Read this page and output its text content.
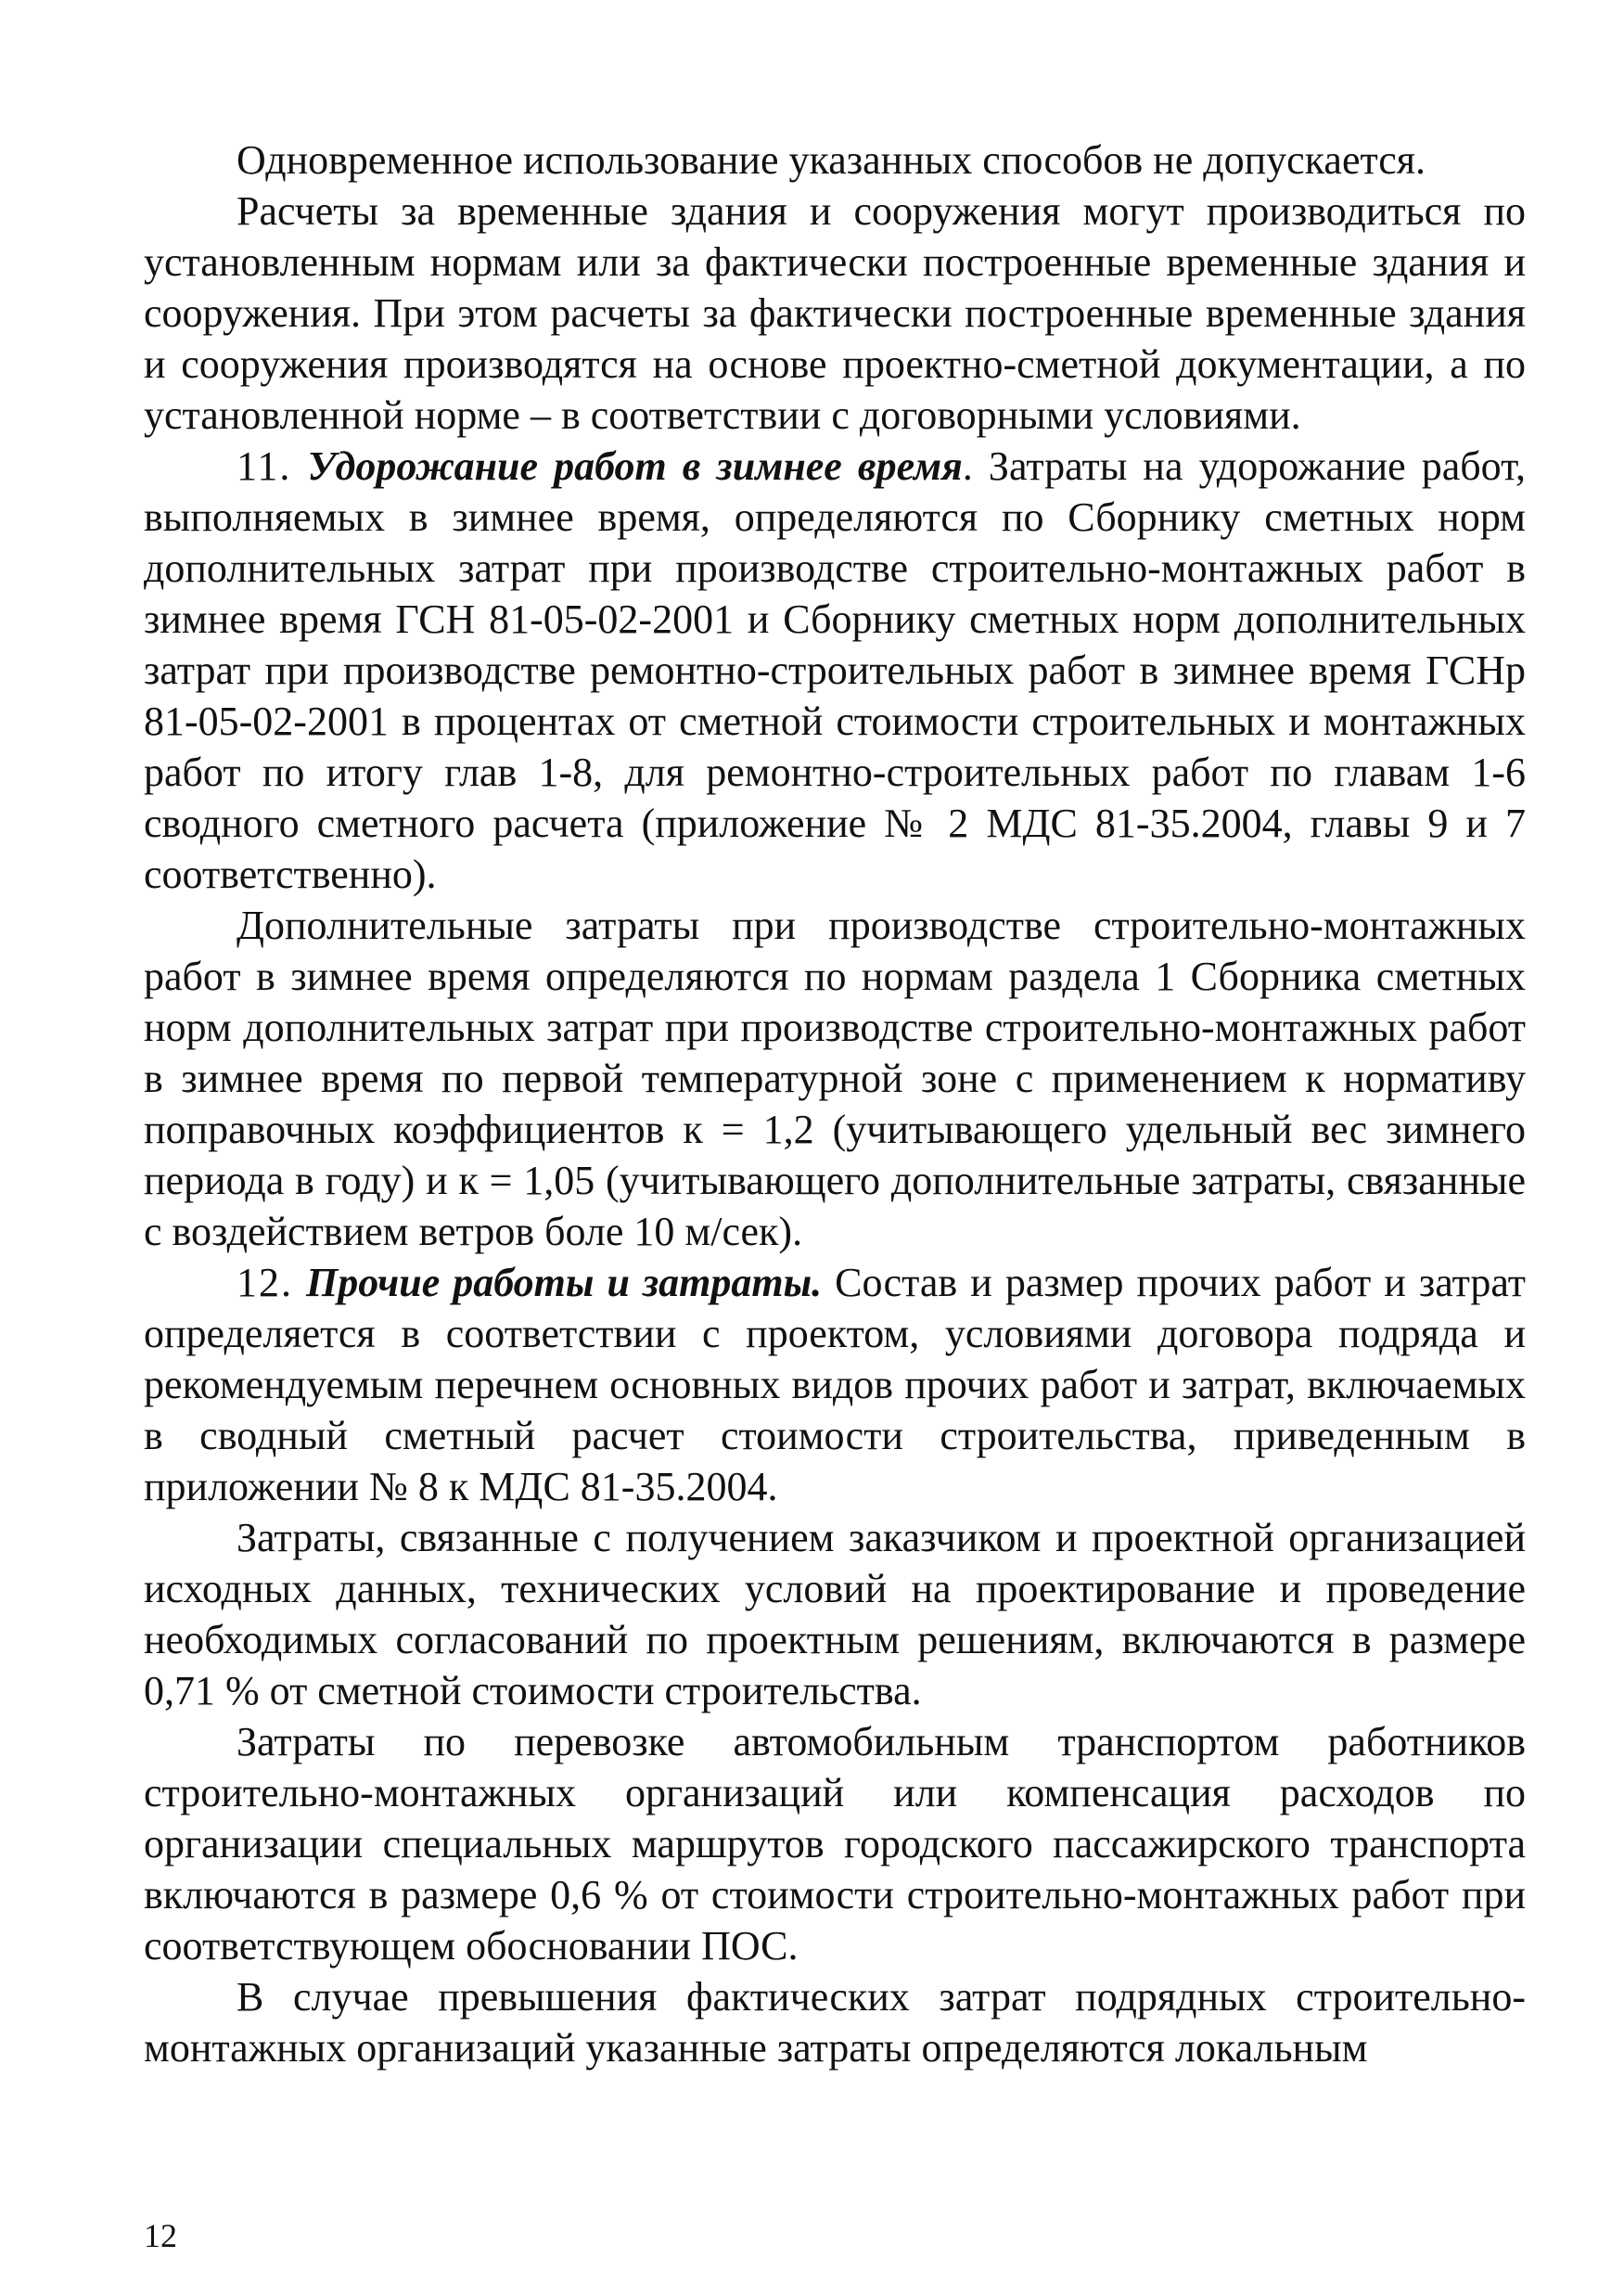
Одновременное использование указанных способов не допускается.

Расчеты за временные здания и сооружения могут производиться по установленным нормам или за фактически построенные временные здания и сооружения. При этом расчеты за фактически построенные временные здания и сооружения производятся на основе проектно-сметной документации, а по установленной норме – в соответствии с договорными условиями.

11. Удорожание работ в зимнее время. Затраты на удорожание работ, выполняемых в зимнее время, определяются по Сборнику сметных норм дополнительных затрат при производстве строительно-монтажных работ в зимнее время ГСН 81-05-02-2001 и Сборнику сметных норм дополнительных затрат при производстве ремонтно-строительных работ в зимнее время ГСНр 81-05-02-2001 в процентах от сметной стоимости строительных и монтажных работ по итогу глав 1-8, для ремонтно-строительных работ по главам 1-6 сводного сметного расчета (приложение № 2 МДС 81-35.2004, главы 9 и 7 соответственно).

Дополнительные затраты при производстве строительно-монтажных работ в зимнее время определяются по нормам раздела 1 Сборника сметных норм дополнительных затрат при производстве строительно-монтажных работ в зимнее время по первой температурной зоне с применением к нормативу поправочных коэффициентов к = 1,2 (учитывающего удельный вес зимнего периода в году) и к = 1,05 (учитывающего дополнительные затраты, связанные с воздействием ветров боле 10 м/сек).

12. Прочие работы и затраты. Состав и размер прочих работ и затрат определяется в соответствии с проектом, условиями договора подряда и рекомендуемым перечнем основных видов прочих работ и затрат, включаемых в сводный сметный расчет стоимости строительства, приведенным в приложении № 8 к МДС 81-35.2004.

Затраты, связанные с получением заказчиком и проектной организацией исходных данных, технических условий на проектирование и проведение необходимых согласований по проектным решениям, включаются в размере 0,71 % от сметной стоимости строительства.

Затраты по перевозке автомобильным транспортом работников строительно-монтажных организаций или компенсация расходов по организации специальных маршрутов городского пассажирского транспорта включаются в размере 0,6 % от стоимости строительно-монтажных работ при соответствующем обосновании ПОС.

В случае превышения фактических затрат подрядных строительно-монтажных организаций указанные затраты определяются локальным

12
